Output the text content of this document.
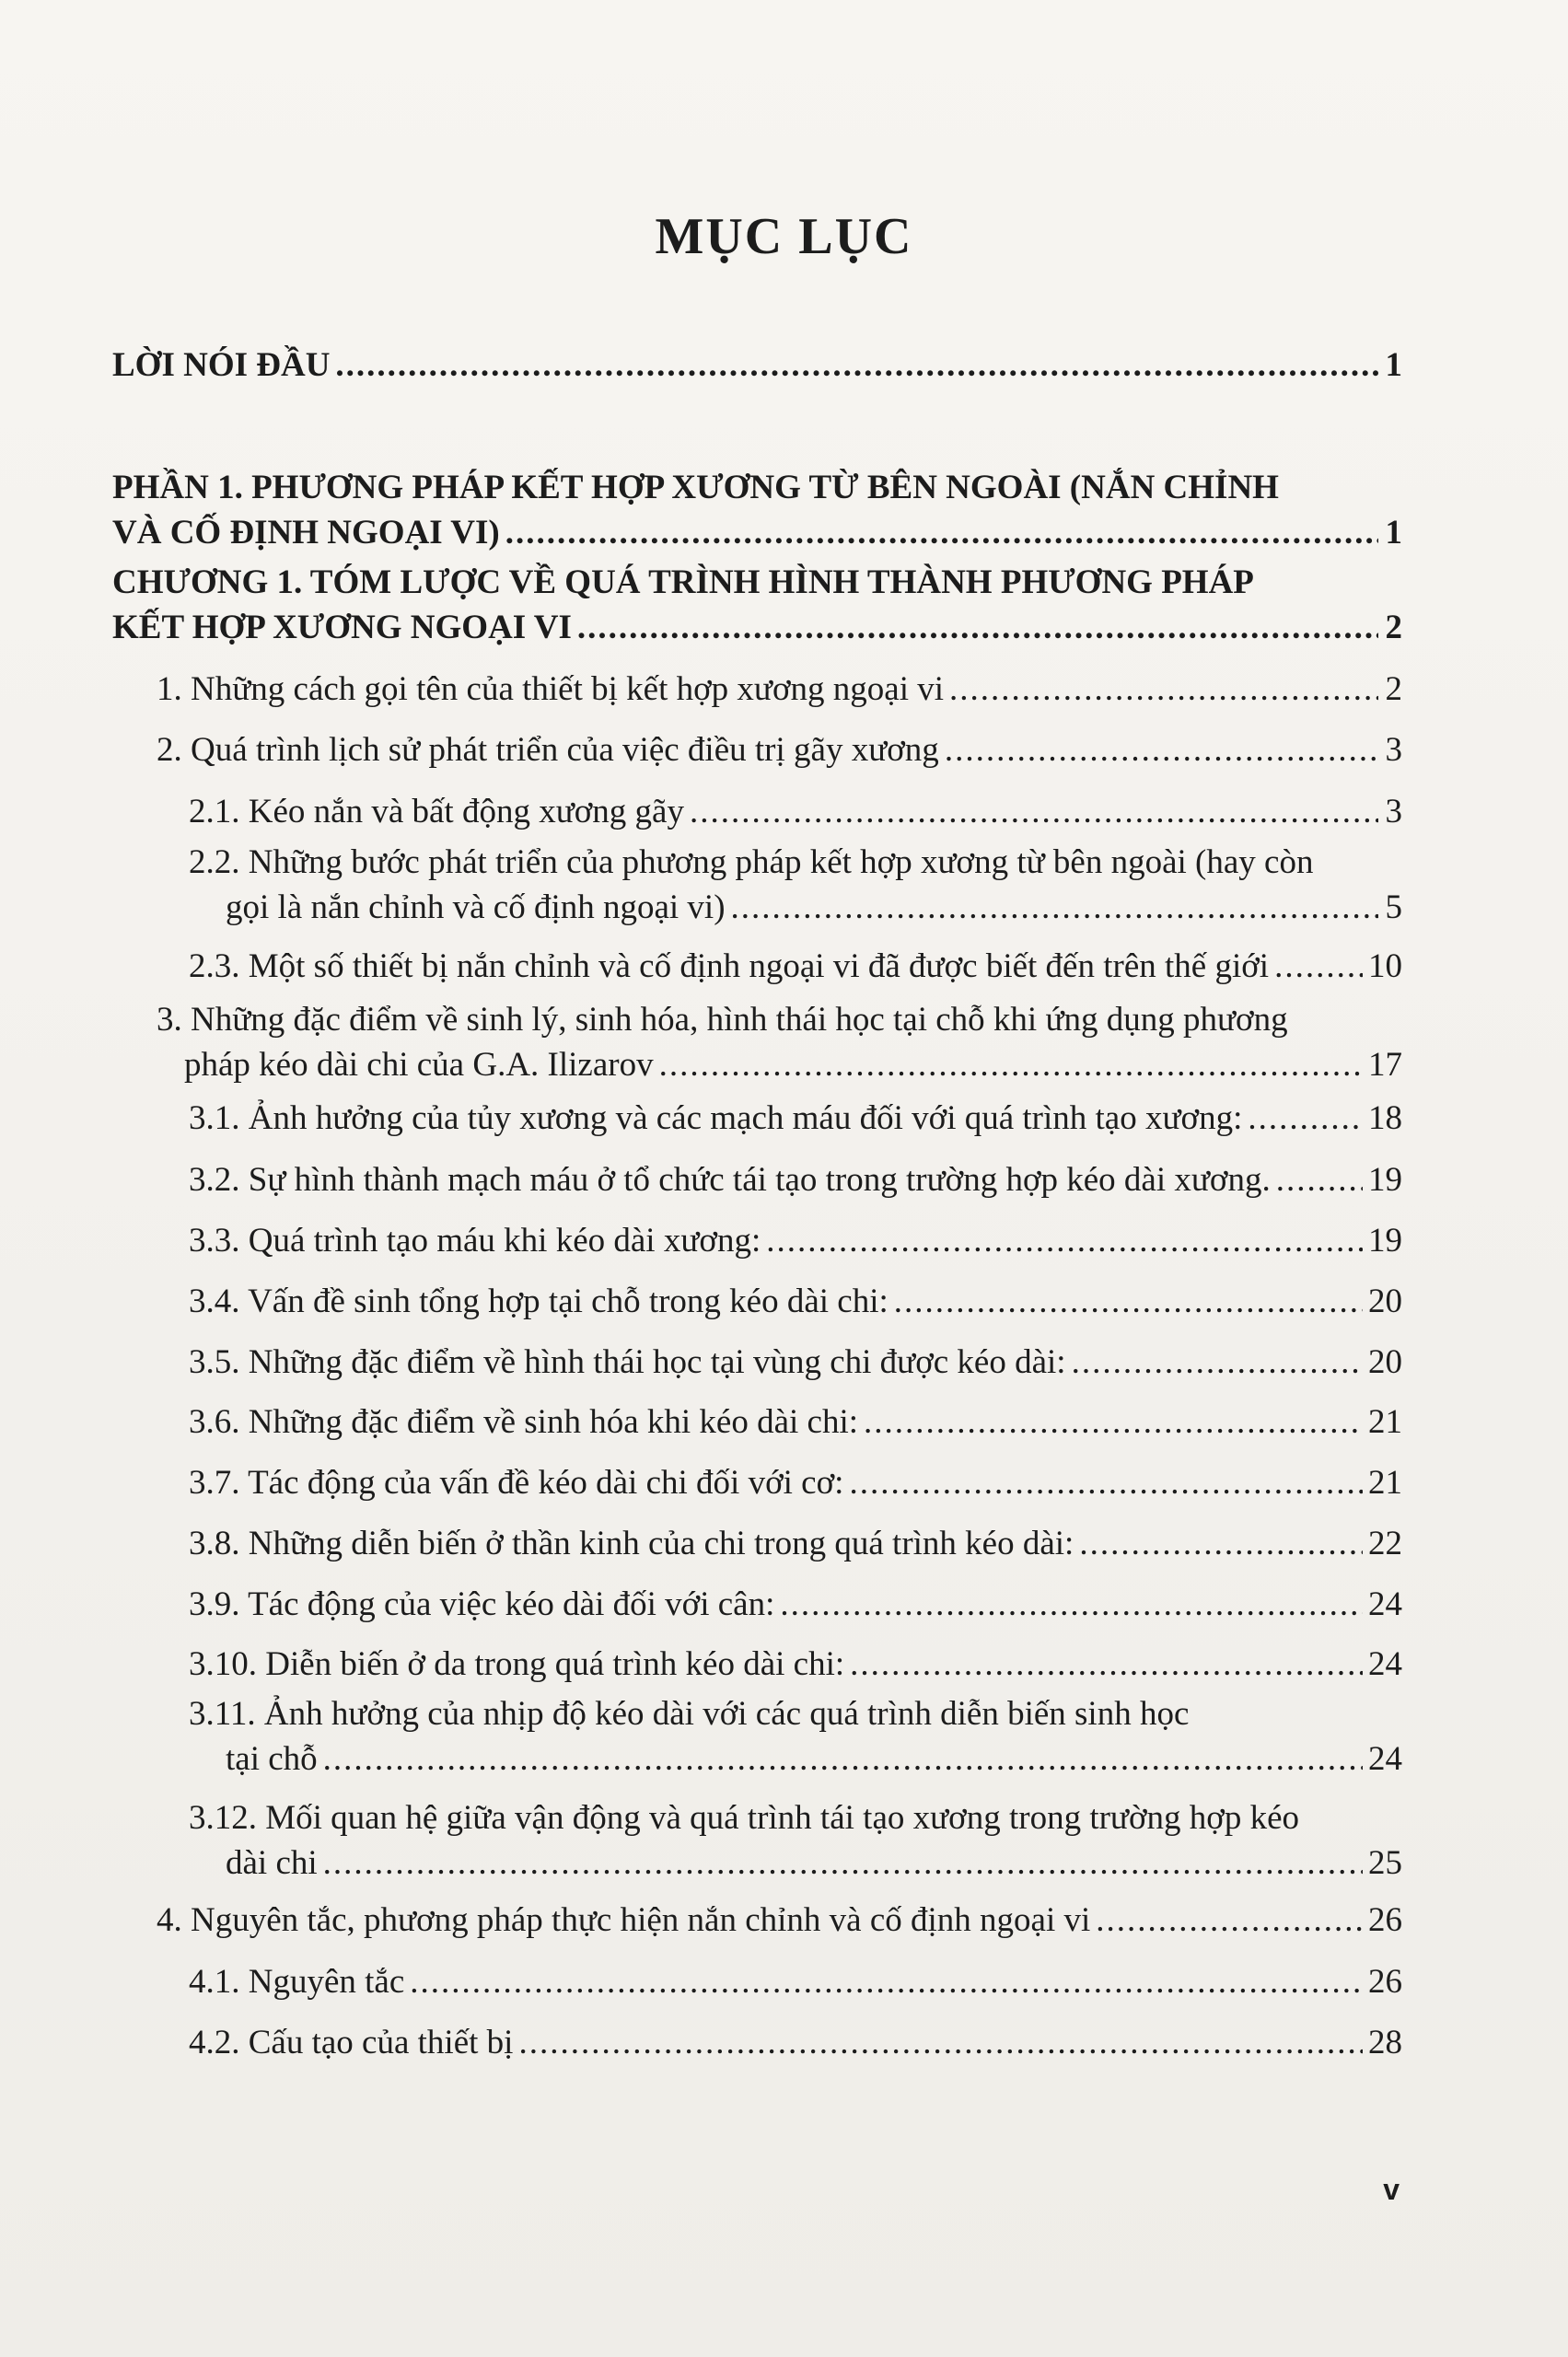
MỤC LỤC
LỜI NÓI ĐẦU .....	1
PHẦN 1. PHƯƠNG PHÁP KẾT HỢP XƯƠNG TỪ BÊN NGOÀI (NẮN CHỈNH
VÀ CỐ ĐỊNH NGOẠI VI) .....	1
CHƯƠNG 1. TÓM LƯỢC VỀ QUÁ TRÌNH HÌNH THÀNH PHƯƠNG PHÁP
KẾT HỢP XƯƠNG NGOẠI VI .....	2
1. Những cách gọi tên của thiết bị kết hợp xương ngoại vi .....	2
2. Quá trình lịch sử phát triển của việc điều trị gãy xương .....	3
2.1. Kéo nắn và bất động xương gãy .....	3
2.2. Những bước phát triển của phương pháp kết hợp xương từ bên ngoài (hay còn
gọi là nắn chỉnh và cố định ngoại vi) .....	5
2.3. Một số thiết bị nắn chỉnh và cố định ngoại vi đã được biết đến trên thế giới .....	10
3. Những đặc điểm về sinh lý, sinh hóa, hình thái học tại chỗ khi ứng dụng phương
pháp kéo dài chi của G.A. Ilizarov .....	17
3.1. Ảnh hưởng của tủy xương và các mạch máu đối với quá trình tạo xương: .....	18
3.2. Sự hình thành mạch máu ở tổ chức tái tạo trong trường hợp kéo dài xương. .....	19
3.3. Quá trình tạo máu khi kéo dài xương: .....	19
3.4. Vấn đề sinh tổng hợp tại chỗ trong kéo dài chi: .....	20
3.5. Những đặc điểm về hình thái học tại vùng chi được kéo dài: .....	20
3.6. Những đặc điểm về sinh hóa khi kéo dài chi: .....	21
3.7. Tác động của vấn đề kéo dài chi đối với cơ: .....	21
3.8. Những diễn biến ở thần kinh của chi trong quá trình kéo dài: .....	22
3.9. Tác động của việc kéo dài đối với cân: .....	24
3.10. Diễn biến ở da trong quá trình kéo dài chi: .....	24
3.11. Ảnh hưởng của nhịp độ kéo dài với các quá trình diễn biến sinh học
tại chỗ .....	24
3.12. Mối quan hệ giữa vận động và quá trình tái tạo xương trong trường hợp kéo
dài chi .....	25
4. Nguyên tắc, phương pháp thực hiện nắn chỉnh và cố định ngoại vi .....	26
4.1. Nguyên tắc .....	26
4.2. Cấu tạo của thiết bị .....	28
v
